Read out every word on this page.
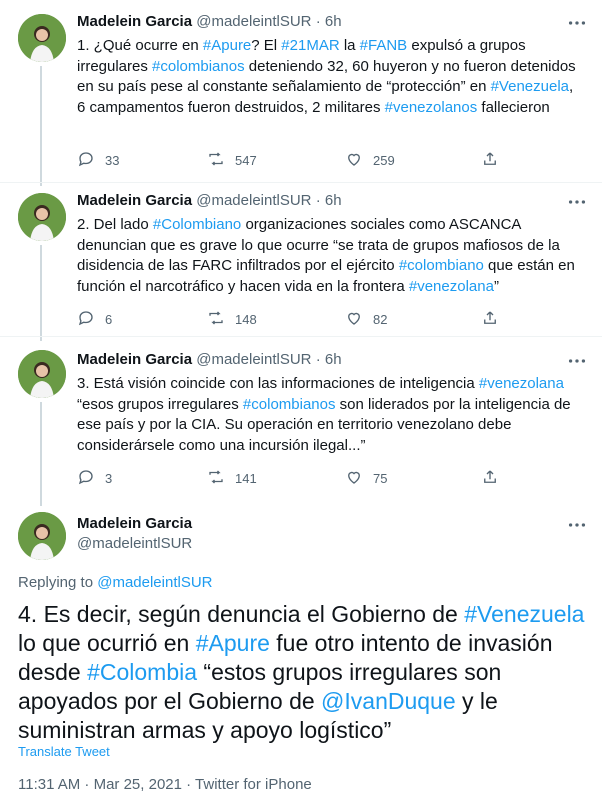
Madelein Garcia @madeleintlSUR · 6h
1. ¿Qué ocurre en #Apure? El #21MAR la #FANB expulsó a grupos irregulares #colombianos deteniendo 32, 60 huyeron y no fueron detenidos en su país pese al constante señalamiento de “protección” en #Venezuela, 6 campamentos fueron destruidos, 2 militares #venezolanos fallecieron
33	547	259
Madelein Garcia @madeleintlSUR · 6h
2. Del lado #Colombiano organizaciones sociales como ASCANCA denuncian que es grave lo que ocurre “se trata de grupos mafiosos de la disidencia de las FARC infiltrados por el ejército #colombiano que están en función el narcotráfico y hacen vida en la frontera #venezolana”
6	148	82
Madelein Garcia @madeleintlSUR · 6h
3. Está visión coincide con las informaciones de inteligencia #venezolana “esos grupos irregulares #colombianos son liderados por la inteligencia de ese país y por la CIA. Su operación en territorio venezolano debe considerársele como una incursión ilegal...”
3	141	75
Madelein Garcia
@madeleintlSUR
Replying to @madeleintlSUR
4. Es decir, según denuncia el Gobierno de #Venezuela lo que ocurrió en #Apure fue otro intento de invasión desde #Colombia “estos grupos irregulares son apoyados por el Gobierno de @IvanDuque y le suministran armas y apoyo logístico”
Translate Tweet
11:31 AM · Mar 25, 2021 · Twitter for iPhone
